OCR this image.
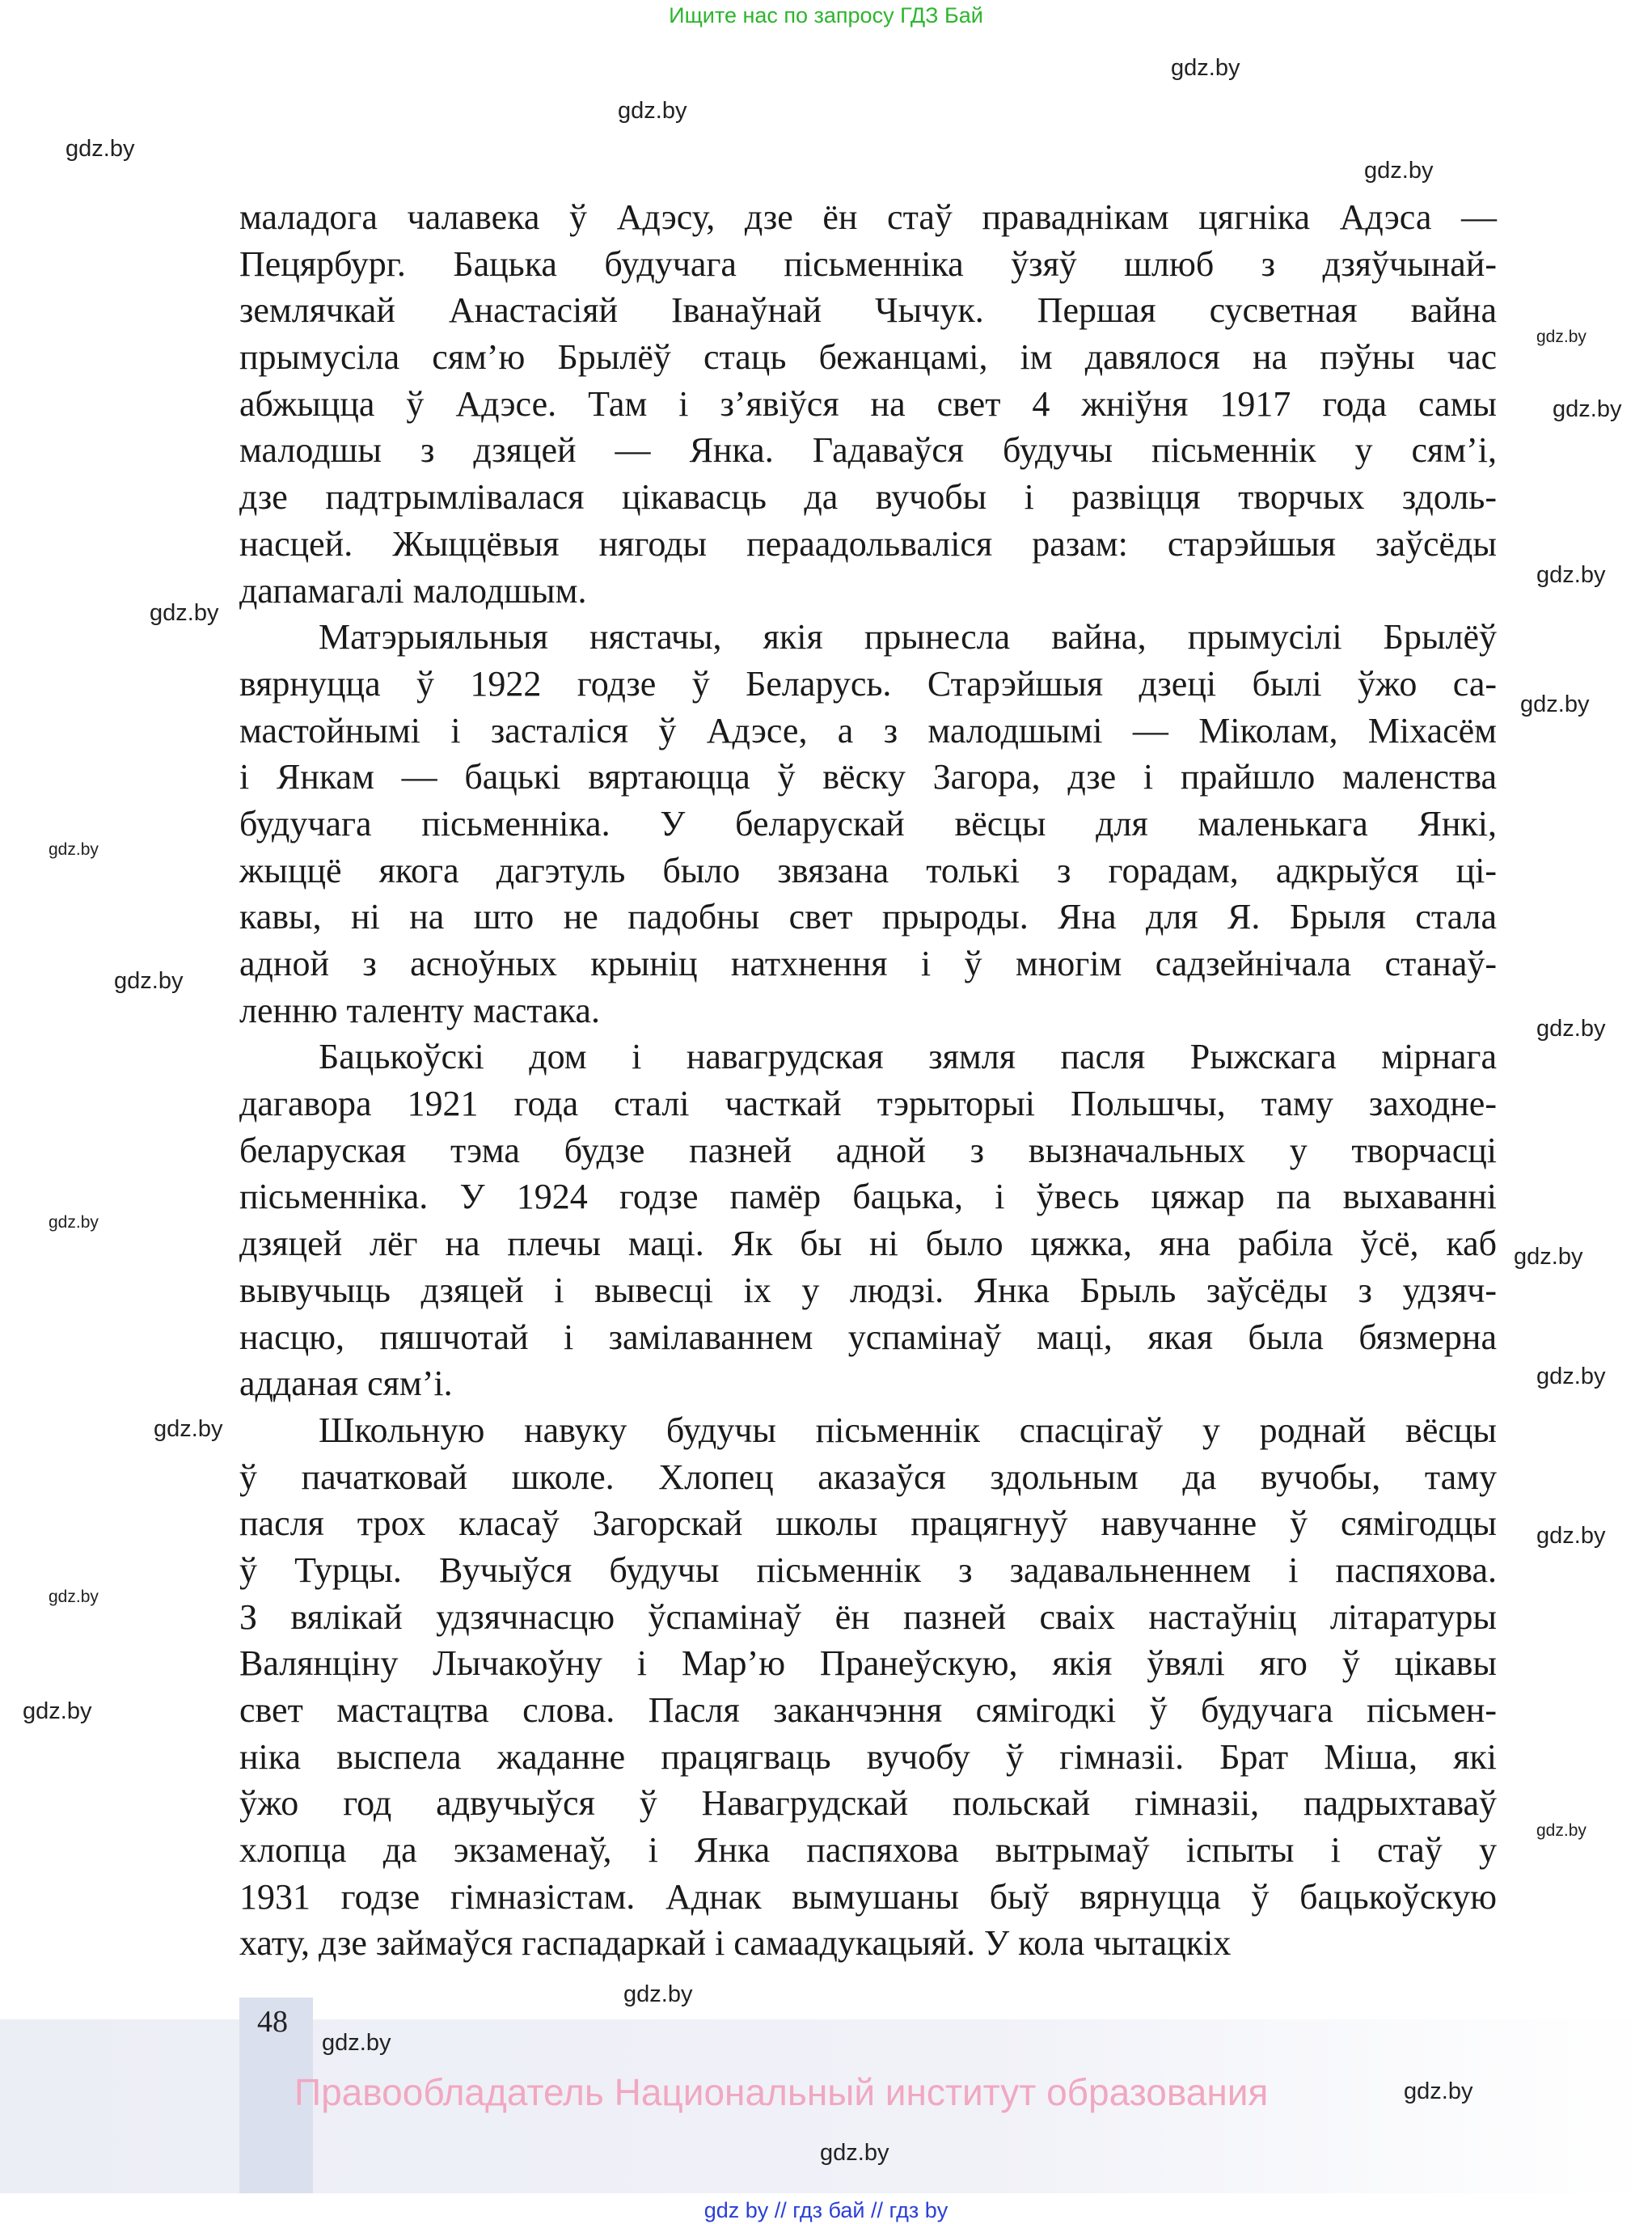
Ищите нас по запросу ГДЗ Бай
маладога чалавека ў Адэсу, дзе ён стаў праваднікам цягніка Адэса —
Пецярбург. Бацька будучага пісьменніка ўзяў шлюб з дзяўчынай-
землячкай Анастасіяй Іванаўнай Чычук. Першая сусветная вайна
прымусіла сям’ю Брылёў стаць бежанцамі, ім давялося на пэўны час
абжыцца ў Адэсе. Там і з’явіўся на свет 4 жніўня 1917 года самы
малодшы з дзяцей — Янка. Гадаваўся будучы пісьменнік у сям’і,
дзе падтрымлівалася цікавасць да вучобы і развіцця творчых здоль-
насцей. Жыццёвыя нягоды пераадольваліся разам: старэйшыя заўсёды
дапамагалі малодшым.
Матэрыяльныя нястачы, якія прынесла вайна, прымусілі Брылёў
вярнуцца ў 1922 годзе ў Беларусь. Старэйшыя дзеці былі ўжо са-
мастойнымі і засталіся ў Адэсе, а з малодшымі — Міколам, Міхасём
і Янкам — бацькі вяртаюцца ў вёску Загора, дзе і прайшло маленства
будучага пісьменніка. У беларускай вёсцы для маленькага Янкі,
жыццё якога дагэтуль было звязана толькі з горадам, адкрыўся ці-
кавы, ні на што не падобны свет прыроды. Яна для Я. Брыля стала
адной з асноўных крыніц натхнення і ў многім садзейнічала станаў-
ленню таленту мастака.
Бацькоўскі дом і навагрудская зямля пасля Рыжскага мірнага
дагавора 1921 года сталі часткай тэрыторыі Польшчы, таму заходне-
беларуская тэма будзе пазней адной з вызначальных у творчасці
пісьменніка. У 1924 годзе памёр бацька, і ўвесь цяжар па выхаванні
дзяцей лёг на плечы маці. Як бы ні было цяжка, яна рабіла ўсё, каб
вывучыць дзяцей і вывесці іх у людзі. Янка Брыль заўсёды з удзяч-
насцю, пяшчотай і замілаваннем успамінаў маці, якая была бязмерна
адданая сям’і.
Школьную навуку будучы пісьменнік спасцігаў у роднай вёсцы
ў пачатковай школе. Хлопец аказаўся здольным да вучобы, таму
пасля трох класаў Загорскай школы працягнуў навучанне ў сямігодцы
ў Турцы. Вучыўся будучы пісьменнік з задавальненнем і паспяхова.
З вялікай удзячнасцю ўспамінаў ён пазней сваіх настаўніц літаратуры
Валянціну Лычакоўну і Мар’ю Пранеўскую, якія ўвялі яго ў цікавы
свет мастацтва слова. Пасля заканчэння сямігодкі ў будучага пісьмен-
ніка выспела жаданне працягваць вучобу ў гімназіі. Брат Міша, які
ўжо год адвучыўся ў Навагрудскай польскай гімназіі, падрыхтаваў
хлопца да экзаменаў, і Янка паспяхова вытрымаў іспыты і стаў у
1931 годзе гімназістам. Аднак вымушаны быў вярнуцца ў бацькоўскую
хату, дзе займаўся гаспадаркай і самаадукацыяй. У кола чытацкіх
48
Правообладатель Национальный институт образования
gdz.by
gdz.by
gdz.by
gdz.by
gdz.by
gdz.by
gdz.by
gdz.by
gdz.by
gdz.by
gdz.by
gdz.by
gdz.by
gdz.by
gdz.by
gdz.by
gdz.by
gdz.by
gdz.by
gdz.by
gdz.by
gdz.by
gdz.by
gdz.by
gdz by // гдз бай // гдз by
